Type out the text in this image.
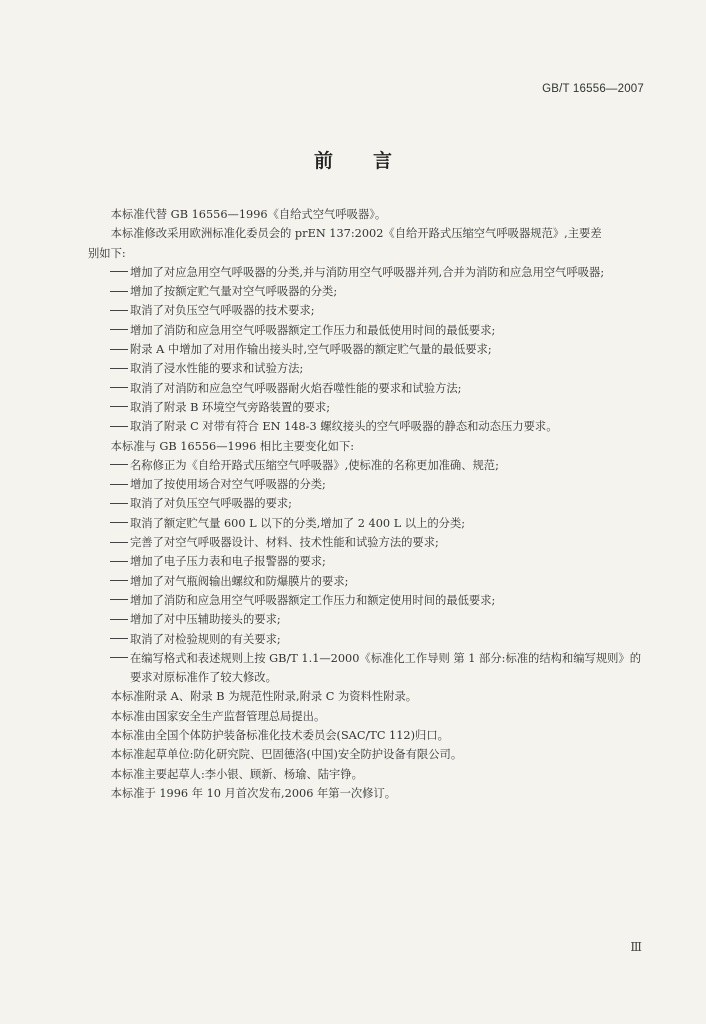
GB/T 16556—2007
前言

本标准代替 GB 16556—1996《自给式空气呼吸器》。

本标准修改采用欧洲标准化委员会的 prEN 137:2002《自给开路式压缩空气呼吸器规范》,主要差

别如下:

增加了对应急用空气呼吸器的分类,并与消防用空气呼吸器并列,合并为消防和应急用空气呼吸器;

增加了按额定贮气量对空气呼吸器的分类;

取消了对负压空气呼吸器的技术要求;

增加了消防和应急用空气呼吸器额定工作压力和最低使用时间的最低要求;

附录 A 中增加了对用作输出接头时,空气呼吸器的额定贮气量的最低要求;

取消了浸水性能的要求和试验方法;

取消了对消防和应急空气呼吸器耐火焰吞噬性能的要求和试验方法;

取消了附录 B 环境空气旁路装置的要求;

取消了附录 C 对带有符合 EN 148-3 螺纹接头的空气呼吸器的静态和动态压力要求。

本标准与 GB 16556—1996 相比主要变化如下:

名称修正为《自给开路式压缩空气呼吸器》,使标准的名称更加准确、规范;

增加了按使用场合对空气呼吸器的分类;

取消了对负压空气呼吸器的要求;

取消了额定贮气量 600 L 以下的分类,增加了 2 400 L 以上的分类;

完善了对空气呼吸器设计、材料、技术性能和试验方法的要求;

增加了电子压力表和电子报警器的要求;

增加了对气瓶阀输出螺纹和防爆膜片的要求;

增加了消防和应急用空气呼吸器额定工作压力和额定使用时间的最低要求;

增加了对中压辅助接头的要求;

取消了对检验规则的有关要求;

在编写格式和表述规则上按 GB/T 1.1—2000《标准化工作导则 第 1 部分:标准的结构和编写规则》的要求对原标准作了较大修改。

本标准附录 A、附录 B 为规范性附录,附录 C 为资料性附录。

本标准由国家安全生产监督管理总局提出。

本标准由全国个体防护装备标准化技术委员会(SAC/TC 112)归口。

本标准起草单位:防化研究院、巴固德洛(中国)安全防护设备有限公司。

本标准主要起草人:李小银、顾新、杨瑜、陆宇铮。

本标准于 1996 年 10 月首次发布,2006 年第一次修订。

Ⅲ
